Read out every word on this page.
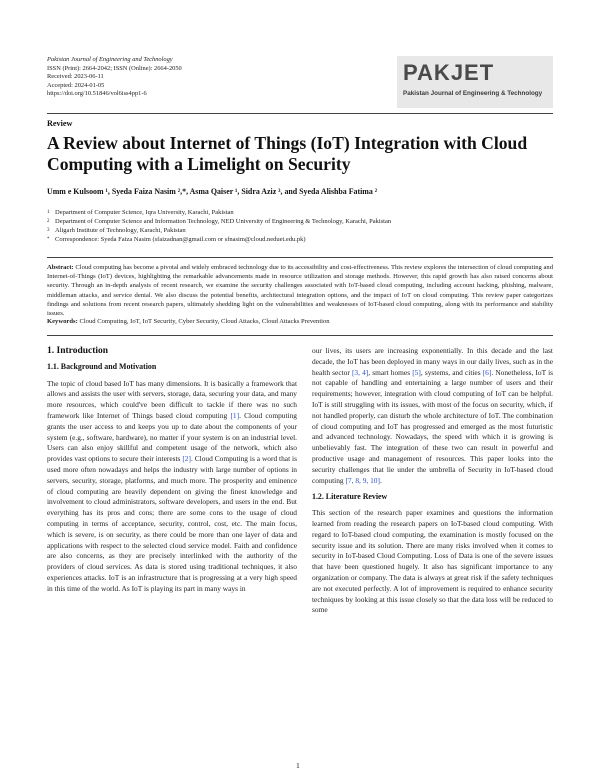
Pakistan Journal of Engineering and Technology
ISSN (Print): 2664-2042; ISSN (Online): 2664-2050
Received: 2023-06-11
Accepted: 2024-01-05
https://doi.org/10.51846/vol6iss4pp1-6
PAKJET
Pakistan Journal of Engineering & Technology
Review
A Review about Internet of Things (IoT) Integration with Cloud Computing with a Limelight on Security
Umm e Kulsoom ¹, Syeda Faiza Nasim ²,*, Asma Qaiser ¹, Sidra Aziz ³, and Syeda Alishba Fatima ²
$^1$ Department of Computer Science, Iqra University, Karachi, Pakistan
$^2$ Department of Computer Science and Information Technology, NED University of Engineering & Technology, Karachi, Pakistan
$^3$ Aligarh Institute of Technology, Karachi, Pakistan
* Correspondence: Syeda Faiza Nasim (sfaizadnan@gmail.com or sfnasim@cloud.neduet.edu.pk)
Abstract: Cloud computing has become a pivotal and widely embraced technology due to its accessibility and cost-effectiveness. This review explores the intersection of cloud computing and Internet-of-Things (IoT) devices, highlighting the remarkable advancements made in resource utilization and storage methods. However, this rapid growth has also raised concerns about security. Through an in-depth analysis of recent research, we examine the security challenges associated with IoT-based cloud computing, including account hacking, phishing, malware, middleman attacks, and service denial. We also discuss the potential benefits, architectural integration options, and the impact of IoT on cloud computing. This review paper categorizes findings and solutions from recent research papers, ultimately shedding light on the vulnerabilities and weaknesses of IoT-based cloud computing, along with its performance and stability issues.
Keywords: Cloud Computing, IoT, IoT Security, Cyber Security, Cloud Attacks, Cloud Attacks Prevention
1. Introduction
1.1. Background and Motivation
The topic of cloud based IoT has many dimensions. It is basically a framework that allows and assists the user with servers, storage, data, securing your data, and many more resources, which could've been difficult to tackle if there was no such framework like Internet of Things based cloud computing [1]. Cloud computing grants the user access to and keeps you up to date about the components of your system (e.g., software, hardware), no matter if your system is on an industrial level. Users can also enjoy skillful and competent usage of the network, which also provides vast options to secure their interests [2]. Cloud Computing is a word that is used more often nowadays and helps the industry with large number of options in servers, security, storage, platforms, and much more. The prosperity and eminence of cloud computing are heavily dependent on giving the finest knowledge and involvement to cloud administrators, software developers, and users in the end. But everything has its pros and cons; there are some cons to the usage of cloud computing in terms of acceptance, security, control, cost, etc. The main focus, which is severe, is on security, as there could be more than one layer of data and applications with respect to the selected cloud service model. Faith and confidence are also concerns, as they are precisely interlinked with the authority of the providers of cloud services. As data is stored using traditional techniques, it also experiences attacks. IoT is an infrastructure that is progressing at a very high speed in this time of the world. As IoT is playing its part in many ways in
our lives, its users are increasing exponentially. In this decade and the last decade, the IoT has been deployed in many ways in our daily lives, such as in the health sector [3, 4], smart homes [5], systems, and cities [6]. Nonetheless, IoT is not capable of handling and entertaining a large number of users and their requirements; however, integration with cloud computing of IoT can be helpful. IoT is still struggling with its issues, with most of the focus on security, which, if not handled properly, can disturb the whole architecture of IoT. The combination of cloud computing and IoT has progressed and emerged as the most futuristic and advanced technology. Nowadays, the speed with which it is growing is unbelievably fast. The integration of these two can result in powerful and productive usage and management of resources. This paper looks into the security challenges that lie under the umbrella of Security in IoT-based cloud computing [7, 8, 9, 10].
1.2. Literature Review
This section of the research paper examines and questions the information learned from reading the research papers on IoT-based cloud computing. With regard to IoT-based cloud computing, the examination is mostly focused on the security issue and its solution. There are many risks involved when it comes to security in IoT-based Cloud Computing. Loss of Data is one of the severe issues that have been questioned hugely. It also has significant importance to any organization or company. The data is always at great risk if the safety techniques are not executed perfectly. A lot of improvement is required to enhance security techniques by looking at this issue closely so that the data loss will be reduced to some
1
